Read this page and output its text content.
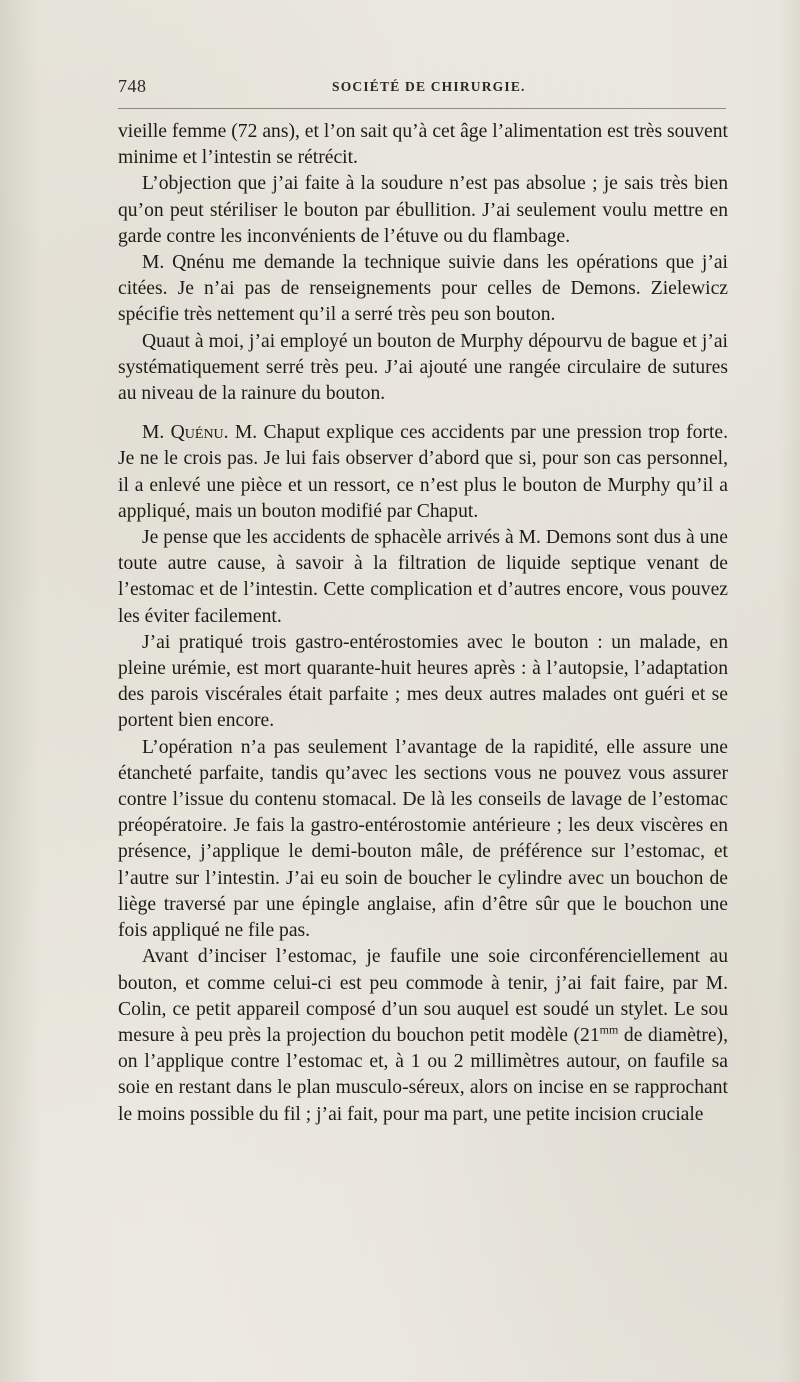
748	SOCIÉTÉ DE CHIRURGIE.

vieille femme (72 ans), et l’on sait qu’à cet âge l’alimentation est très souvent minime et l’intestin se rétrécit.

L’objection que j’ai faite à la soudure n’est pas absolue ; je sais très bien qu’on peut stériliser le bouton par ébullition. J’ai seulement voulu mettre en garde contre les inconvénients de l’étuve ou du flambage.

M. Qnénu me demande la technique suivie dans les opérations que j’ai citées. Je n’ai pas de renseignements pour celles de Demons. Zielewicz spécifie très nettement qu’il a serré très peu son bouton.

Quaut à moi, j’ai employé un bouton de Murphy dépourvu de bague et j’ai systématiquement serré très peu. J’ai ajouté une rangée circulaire de sutures au niveau de la rainure du bouton.

M. Quénu. M. Chaput explique ces accidents par une pression trop forte. Je ne le crois pas. Je lui fais observer d’abord que si, pour son cas personnel, il a enlevé une pièce et un ressort, ce n’est plus le bouton de Murphy qu’il a appliqué, mais un bouton modifié par Chaput.

Je pense que les accidents de sphacèle arrivés à M. Demons sont dus à une toute autre cause, à savoir à la filtration de liquide septique venant de l’estomac et de l’intestin. Cette complication et d’autres encore, vous pouvez les éviter facilement.

J’ai pratiqué trois gastro-entérostomies avec le bouton : un malade, en pleine urémie, est mort quarante-huit heures après : à l’autopsie, l’adaptation des parois viscérales était parfaite ; mes deux autres malades ont guéri et se portent bien encore.

L’opération n’a pas seulement l’avantage de la rapidité, elle assure une étancheté parfaite, tandis qu’avec les sections vous ne pouvez vous assurer contre l’issue du contenu stomacal. De là les conseils de lavage de l’estomac préopératoire. Je fais la gastro-entérostomie antérieure ; les deux viscères en présence, j’applique le demi-bouton mâle, de préférence sur l’estomac, et l’autre sur l’intestin. J’ai eu soin de boucher le cylindre avec un bouchon de liège traversé par une épingle anglaise, afin d’être sûr que le bouchon une fois appliqué ne file pas.

Avant d’inciser l’estomac, je faufile une soie circonférenciellement au bouton, et comme celui-ci est peu commode à tenir, j’ai fait faire, par M. Colin, ce petit appareil composé d’un sou auquel est soudé un stylet. Le sou mesure à peu près la projection du bouchon petit modèle ($21^{mm}$ de diamètre), on l’applique contre l’estomac et, à 1 ou 2 millimètres autour, on faufile sa soie en restant dans le plan musculo-séreux, alors on incise en se rapprochant le moins possible du fil ; j’ai fait, pour ma part, une petite incision cruciale
